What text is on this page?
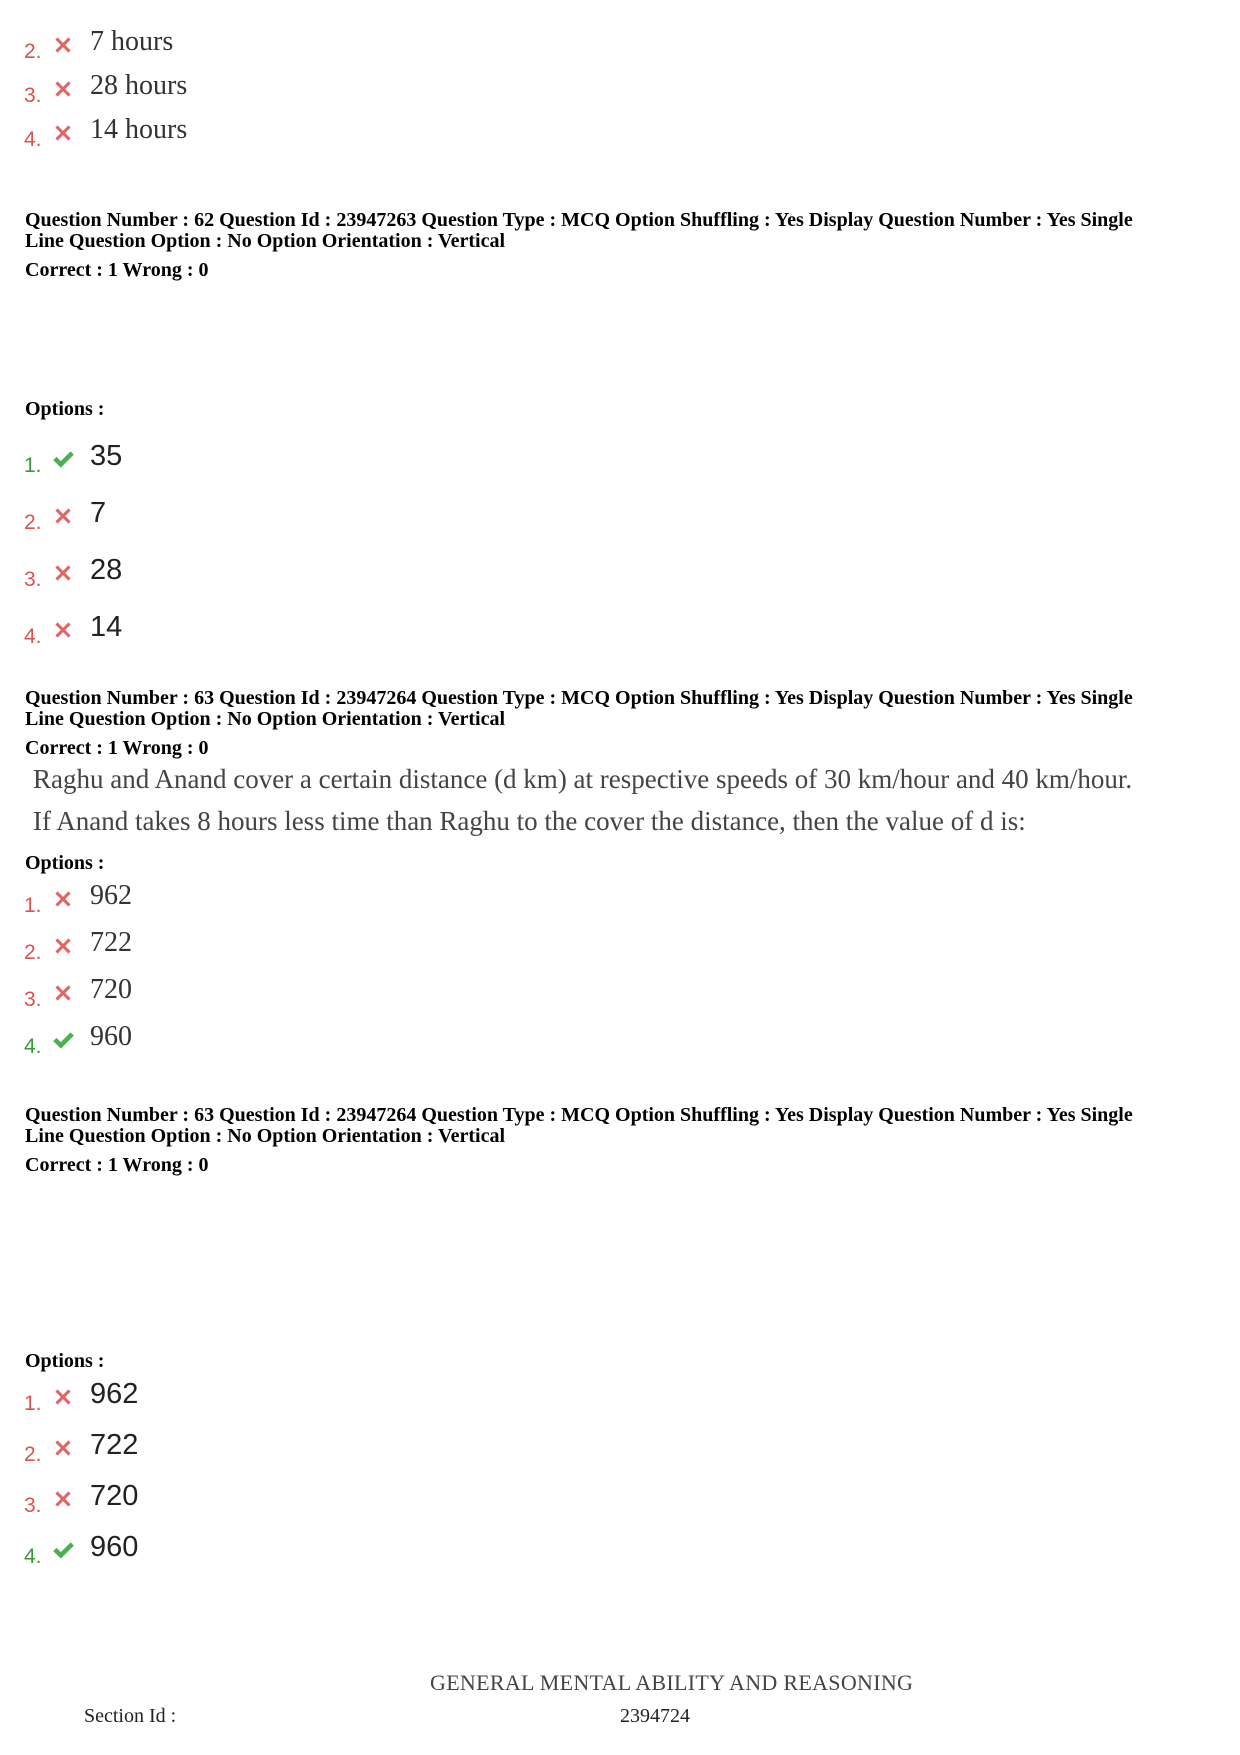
2. 7 hours
3. 28 hours
4. 14 hours
Question Number : 62 Question Id : 23947263 Question Type : MCQ Option Shuffling : Yes Display Question Number : Yes Single
Line Question Option : No Option Orientation : Vertical
Correct : 1 Wrong : 0
Options :
1. 35
2. 7
3. 28
4. 14
Question Number : 63 Question Id : 23947264 Question Type : MCQ Option Shuffling : Yes Display Question Number : Yes Single
Line Question Option : No Option Orientation : Vertical
Correct : 1 Wrong : 0
Raghu and Anand cover a certain distance (d km) at respective speeds of 30 km/hour and 40 km/hour.
If Anand takes 8 hours less time than Raghu to the cover the distance, then the value of d is:
Options :
1. 962
2. 722
3. 720
4. 960
Question Number : 63 Question Id : 23947264 Question Type : MCQ Option Shuffling : Yes Display Question Number : Yes Single
Line Question Option : No Option Orientation : Vertical
Correct : 1 Wrong : 0
Options :
1. 962
2. 722
3. 720
4. 960
GENERAL MENTAL ABILITY AND REASONING
Section Id :	2394724
